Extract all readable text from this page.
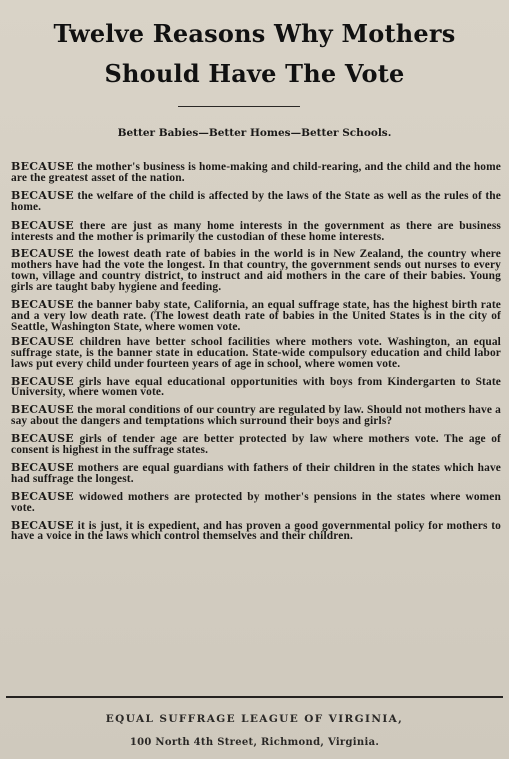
Twelve Reasons Why Mothers
Should Have The Vote
Better Babies—Better Homes—Better Schools.

BECAUSE the mother's business is home-making and child-rearing, and the child and the home are the greatest asset of the nation.

BECAUSE the welfare of the child is affected by the laws of the State as well as the rules of the home.

BECAUSE there are just as many home interests in the government as there are business interests and the mother is primarily the custodian of these home interests.

BECAUSE the lowest death rate of babies in the world is in New Zealand, the country where mothers have had the vote the longest. In that country, the government sends out nurses to every town, village and country district, to instruct and aid mothers in the care of their babies. Young girls are taught baby hygiene and feeding.

BECAUSE the banner baby state, California, an equal suffrage state, has the highest birth rate and a very low death rate. (The lowest death rate of babies in the United States is in the city of Seattle, Washington State, where women vote.

BECAUSE children have better school facilities where mothers vote. Washington, an equal suffrage state, is the banner state in education. State-wide compulsory education and child labor laws put every child under fourteen years of age in school, where women vote.

BECAUSE girls have equal educational opportunities with boys from Kindergarten to State University, where women vote.

BECAUSE the moral conditions of our country are regulated by law. Should not mothers have a say about the dangers and temptations which surround their boys and girls?

BECAUSE girls of tender age are better protected by law where mothers vote. The age of consent is highest in the suffrage states.

BECAUSE mothers are equal guardians with fathers of their children in the states which have had suffrage the longest.

BECAUSE widowed mothers are protected by mother's pensions in the states where women vote.

BECAUSE it is just, it is expedient, and has proven a good governmental policy for mothers to have a voice in the laws which control themselves and their children.

EQUAL SUFFRAGE LEAGUE OF VIRGINIA,
100 North 4th Street, Richmond, Virginia.
